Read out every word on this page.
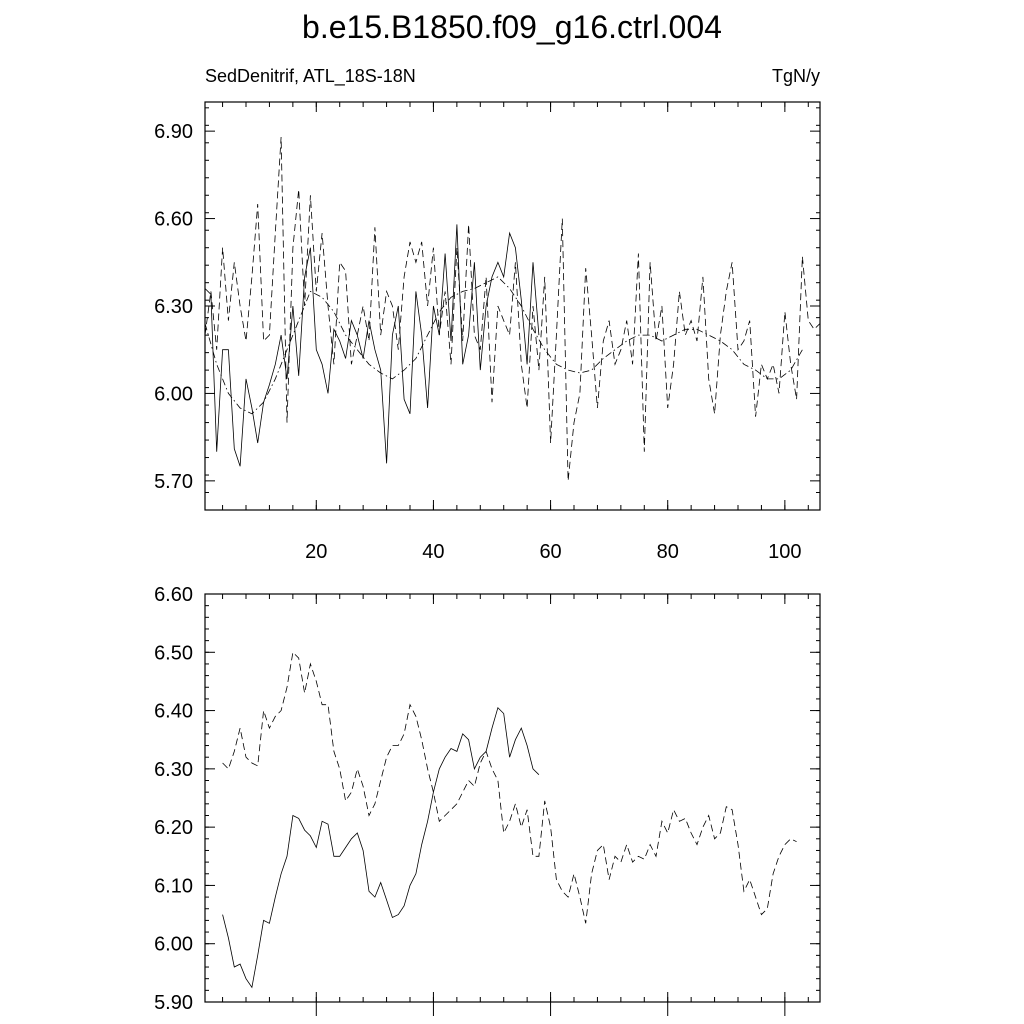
b.e15.B1850.f09_g16.ctrl.004
SedDenitrif, ATL_18S-18N	TgN/y
6.90
6.60
6.30
6.00
5.70
20	40	60	80	100
6.60
6.50
6.40
6.30
6.20
6.10
6.00
5.90
